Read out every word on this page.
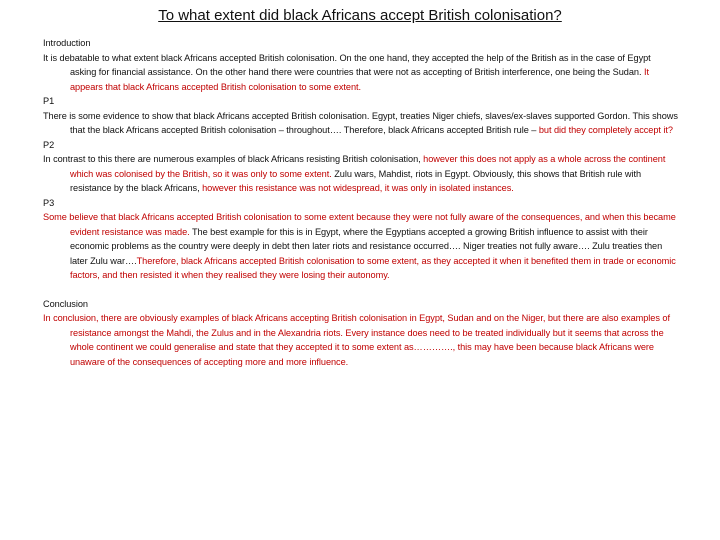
To what extent did black Africans accept British colonisation?

Introduction

It is debatable to what extent black Africans accepted British colonisation. On the one hand, they accepted the help of the British as in the case of Egypt asking for financial assistance. On the other hand there were countries that were not as accepting of British interference, one being the Sudan. It appears that black Africans accepted British colonisation to some extent.

P1

There is some evidence to show that black Africans accepted British colonisation. Egypt, treaties Niger chiefs, slaves/ex-slaves supported Gordon. This shows that the black Africans accepted British colonisation – throughout…. Therefore, black Africans accepted British rule – but did they completely accept it?

P2

In contrast to this there are numerous examples of black Africans resisting British colonisation, however this does not apply as a whole across the continent which was colonised by the British, so it was only to some extent. Zulu wars, Mahdist, riots in Egypt. Obviously, this shows that British rule with resistance by the black Africans, however this resistance was not widespread, it was only in isolated instances.

P3

Some believe that black Africans accepted British colonisation to some extent because they were not fully aware of the consequences, and when this became evident resistance was made. The best example for this is in Egypt, where the Egyptians accepted a growing British influence to assist with their economic problems as the country were deeply in debt then later riots and resistance occurred…. Niger treaties not fully aware…. Zulu treaties then later Zulu war….Therefore, black Africans accepted British colonisation to some extent, as they accepted it when it benefited them in trade or economic factors, and then resisted it when they realised they were losing their autonomy.

Conclusion

In conclusion, there are obviously examples of black Africans accepting British colonisation in Egypt, Sudan and on the Niger, but there are also examples of resistance amongst the Mahdi, the Zulus and in the Alexandria riots. Every instance does need to be treated individually but it seems that across the whole continent we could generalise and state that they accepted it to some extent as…………., this may have been because black Africans were unaware of the consequences of accepting more and more influence.
